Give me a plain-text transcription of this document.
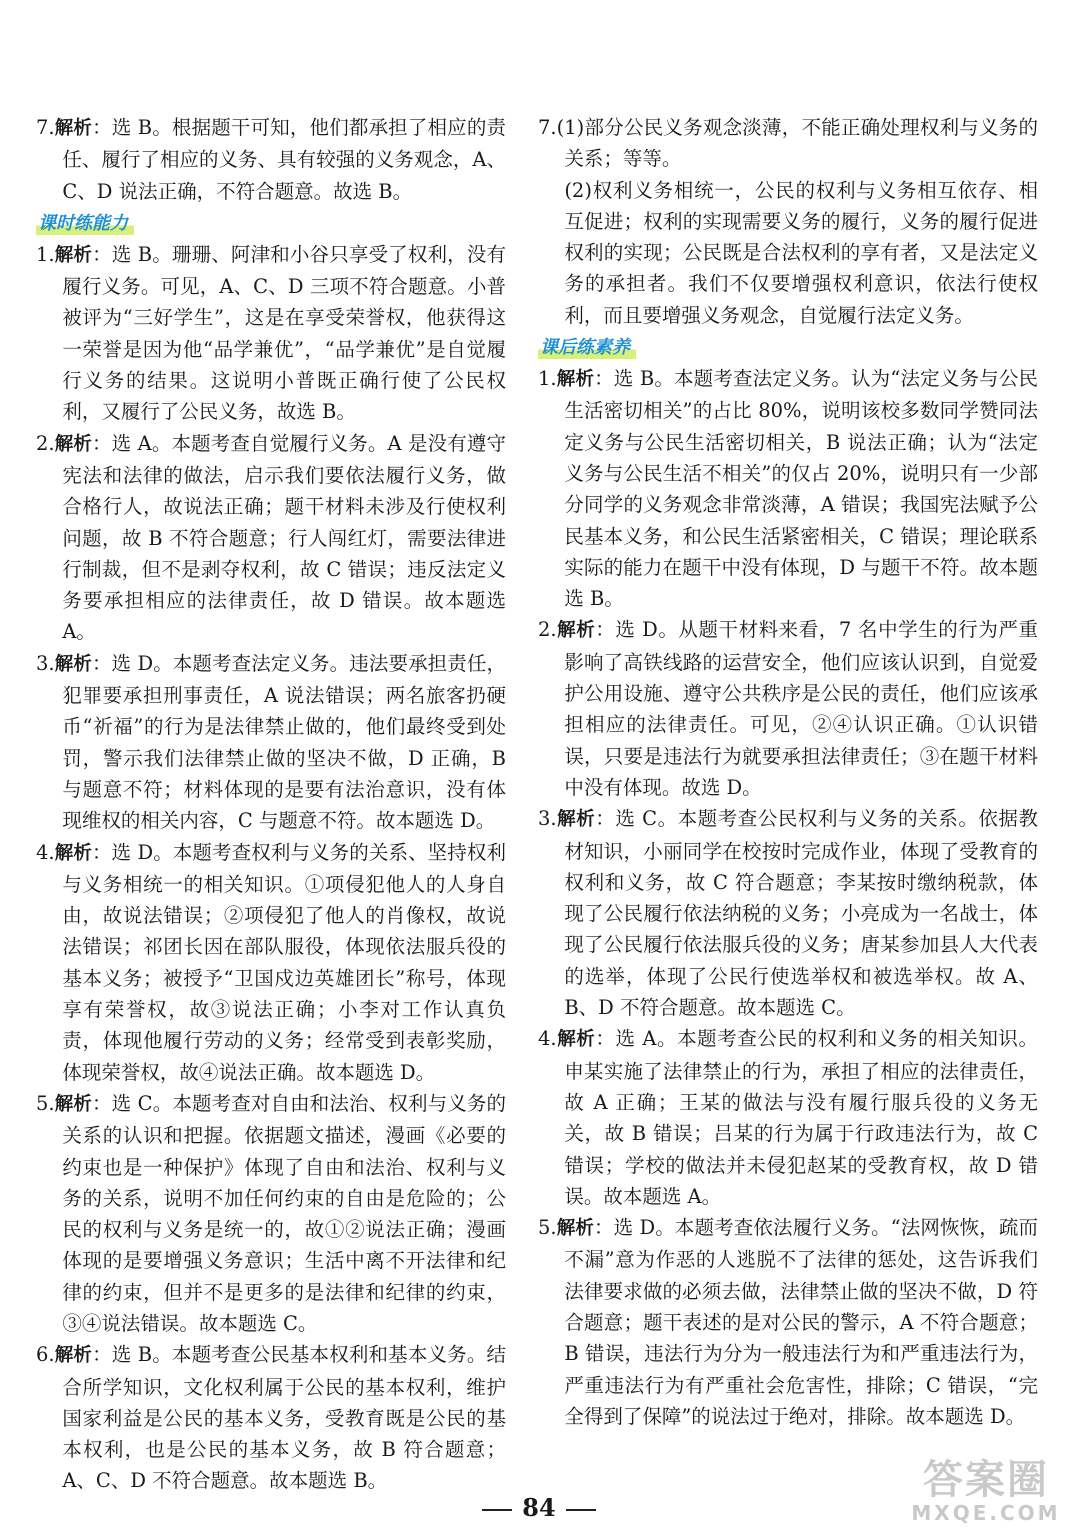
7.解析：选 B。根据题干可知，他们都承担了相应的责任、履行了相应的义务、具有较强的义务观念，A、C、D 说法正确，不符合题意。故选 B。

课时练能力

1.解析：选 B。珊珊、阿津和小谷只享受了权利，没有履行义务。可见，A、C、D 三项不符合题意。小普被评为“三好学生”，这是在享受荣誉权，他获得这一荣誉是因为他“品学兼优”，“品学兼优”是自觉履行义务的结果。这说明小普既正确行使了公民权利，又履行了公民义务，故选 B。

2.解析：选 A。本题考查自觉履行义务。A 是没有遵守宪法和法律的做法，启示我们要依法履行义务，做合格行人，故说法正确；题干材料未涉及行使权利问题，故 B 不符合题意；行人闯红灯，需要法律进行制裁，但不是剥夺权利，故 C 错误；违反法定义务要承担相应的法律责任，故 D 错误。故本题选 A。

3.解析：选 D。本题考查法定义务。违法要承担责任，犯罪要承担刑事责任，A 说法错误；两名旅客扔硬币“祈福”的行为是法律禁止做的，他们最终受到处罚，警示我们法律禁止做的坚决不做，D 正确，B 与题意不符；材料体现的是要有法治意识，没有体现维权的相关内容，C 与题意不符。故本题选 D。

4.解析：选 D。本题考查权利与义务的关系、坚持权利与义务相统一的相关知识。①项侵犯他人的人身自由，故说法错误；②项侵犯了他人的肖像权，故说法错误；祁团长因在部队服役，体现依法服兵役的基本义务；被授予“卫国戍边英雄团长”称号，体现享有荣誉权，故③说法正确；小李对工作认真负责，体现他履行劳动的义务；经常受到表彰奖励，体现荣誉权，故④说法正确。故本题选 D。

5.解析：选 C。本题考查对自由和法治、权利与义务的关系的认识和把握。依据题文描述，漫画《必要的约束也是一种保护》体现了自由和法治、权利与义务的关系，说明不加任何约束的自由是危险的；公民的权利与义务是统一的，故①②说法正确；漫画体现的是要增强义务意识；生活中离不开法律和纪律的约束，但并不是更多的是法律和纪律的约束，③④说法错误。故本题选 C。

6.解析：选 B。本题考查公民基本权利和基本义务。结合所学知识，文化权利属于公民的基本权利，维护国家利益是公民的基本义务，受教育既是公民的基本权利，也是公民的基本义务，故 B 符合题意；A、C、D 不符合题意。故本题选 B。

7.(1)部分公民义务观念淡薄，不能正确处理权利与义务的关系；等等。

(2)权利义务相统一，公民的权利与义务相互依存、相互促进；权利的实现需要义务的履行，义务的履行促进权利的实现；公民既是合法权利的享有者，又是法定义务的承担者。我们不仅要增强权利意识，依法行使权利，而且要增强义务观念，自觉履行法定义务。

课后练素养

1.解析：选 B。本题考查法定义务。认为“法定义务与公民生活密切相关”的占比 80%，说明该校多数同学赞同法定义务与公民生活密切相关，B 说法正确；认为“法定义务与公民生活不相关”的仅占 20%，说明只有一少部分同学的义务观念非常淡薄，A 错误；我国宪法赋予公民基本义务，和公民生活紧密相关，C 错误；理论联系实际的能力在题干中没有体现，D 与题干不符。故本题选 B。

2.解析：选 D。从题干材料来看，7 名中学生的行为严重影响了高铁线路的运营安全，他们应该认识到，自觉爱护公用设施、遵守公共秩序是公民的责任，他们应该承担相应的法律责任。可见，②④认识正确。①认识错误，只要是违法行为就要承担法律责任；③在题干材料中没有体现。故选 D。

3.解析：选 C。本题考查公民权利与义务的关系。依据教材知识，小丽同学在校按时完成作业，体现了受教育的权利和义务，故 C 符合题意；李某按时缴纳税款，体现了公民履行依法纳税的义务；小亮成为一名战士，体现了公民履行依法服兵役的义务；唐某参加县人大代表的选举，体现了公民行使选举权和被选举权。故 A、B、D 不符合题意。故本题选 C。

4.解析：选 A。本题考查公民的权利和义务的相关知识。申某实施了法律禁止的行为，承担了相应的法律责任，故 A 正确；王某的做法与没有履行服兵役的义务无关，故 B 错误；吕某的行为属于行政违法行为，故 C 错误；学校的做法并未侵犯赵某的受教育权，故 D 错误。故本题选 A。

5.解析：选 D。本题考查依法履行义务。“法网恢恢，疏而不漏”意为作恶的人逃脱不了法律的惩处，这告诉我们法律要求做的必须去做，法律禁止做的坚决不做，D 符合题意；题干表述的是对公民的警示，A 不符合题意；B 错误，违法行为分为一般违法行为和严重违法行为，严重违法行为有严重社会危害性，排除；C 错误，“完全得到了保障”的说法过于绝对，排除。故本题选 D。

84
答案圈
MXQE.COM
